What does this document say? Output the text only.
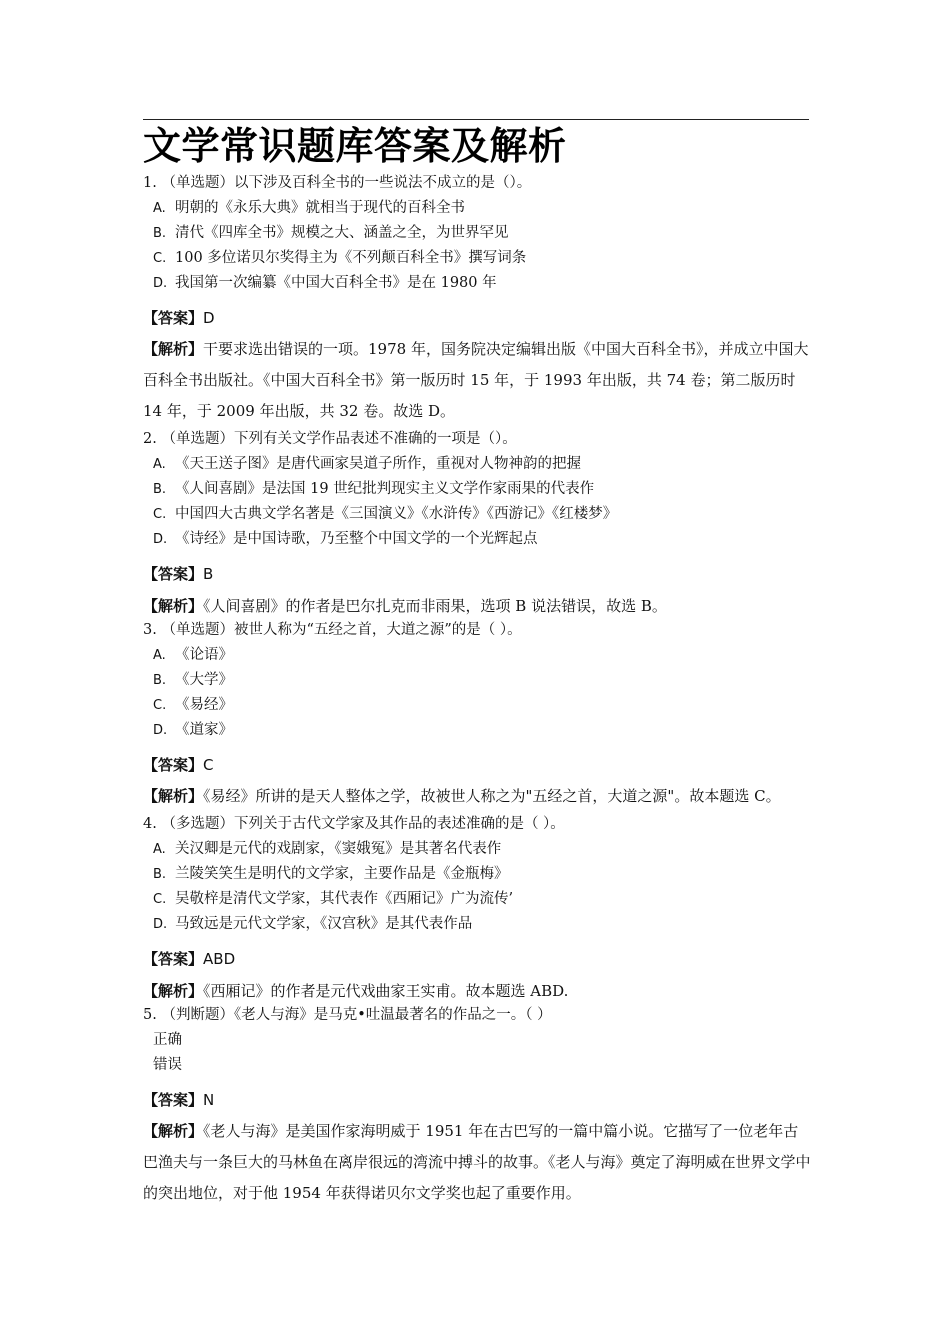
文学常识题库答案及解析
1. （单选题）以下涉及百科全书的一些说法不成立的是（）。
A. 明朝的《永乐大典》就相当于现代的百科全书
B. 清代《四库全书》规模之大、涵盖之全，为世界罕见
C. 100 多位诺贝尔奖得主为《不列颠百科全书》撰写词条
D. 我国第一次编纂《中国大百科全书》是在 1980 年
【答案】D
【解析】干要求选出错误的一项。1978 年，国务院决定编辑出版《中国大百科全书》，并成立中国大百科全书出版社。《中国大百科全书》第一版历时 15 年，于 1993 年出版，共 74 卷；第二版历时 14 年，于 2009 年出版，共 32 卷。故选 D。
2. （单选题）下列有关文学作品表述不准确的一项是（）。
A. 《天王送子图》是唐代画家吴道子所作，重视对人物神韵的把握
B. 《人间喜剧》是法国 19 世纪批判现实主义文学作家雨果的代表作
C. 中国四大古典文学名著是《三国演义》《水浒传》《西游记》《红楼梦》
D. 《诗经》是中国诗歌，乃至整个中国文学的一个光辉起点
【答案】B
【解析】《人间喜剧》的作者是巴尔扎克而非雨果，选项 B 说法错误，故选 B。
3. （单选题）被世人称为“五经之首，大道之源”的是（ ）。
A. 《论语》
B. 《大学》
C. 《易经》
D. 《道家》
【答案】C
【解析】《易经》所讲的是天人整体之学，故被世人称之为"五经之首，大道之源"。故本题选 C。
4. （多选题）下列关于古代文学家及其作品的表述准确的是（ ）。
A. 关汉卿是元代的戏剧家，《窦娥冤》是其著名代表作
B. 兰陵笑笑生是明代的文学家，主要作品是《金瓶梅》
C. 吴敬梓是清代文学家，其代表作《西厢记》广为流传’
D. 马致远是元代文学家，《汉宫秋》是其代表作品
【答案】ABD
【解析】《西厢记》的作者是元代戏曲家王实甫。故本题选 ABD.
5. （判断题）《老人与海》是马克•吐温最著名的作品之一。（ ）
正确
错误
【答案】N
【解析】《老人与海》是美国作家海明威于 1951 年在古巴写的一篇中篇小说。它描写了一位老年古巴渔夫与一条巨大的马林鱼在离岸很远的湾流中搏斗的故事。《老人与海》奠定了海明威在世界文学中的突出地位，对于他 1954 年获得诺贝尔文学奖也起了重要作用。
